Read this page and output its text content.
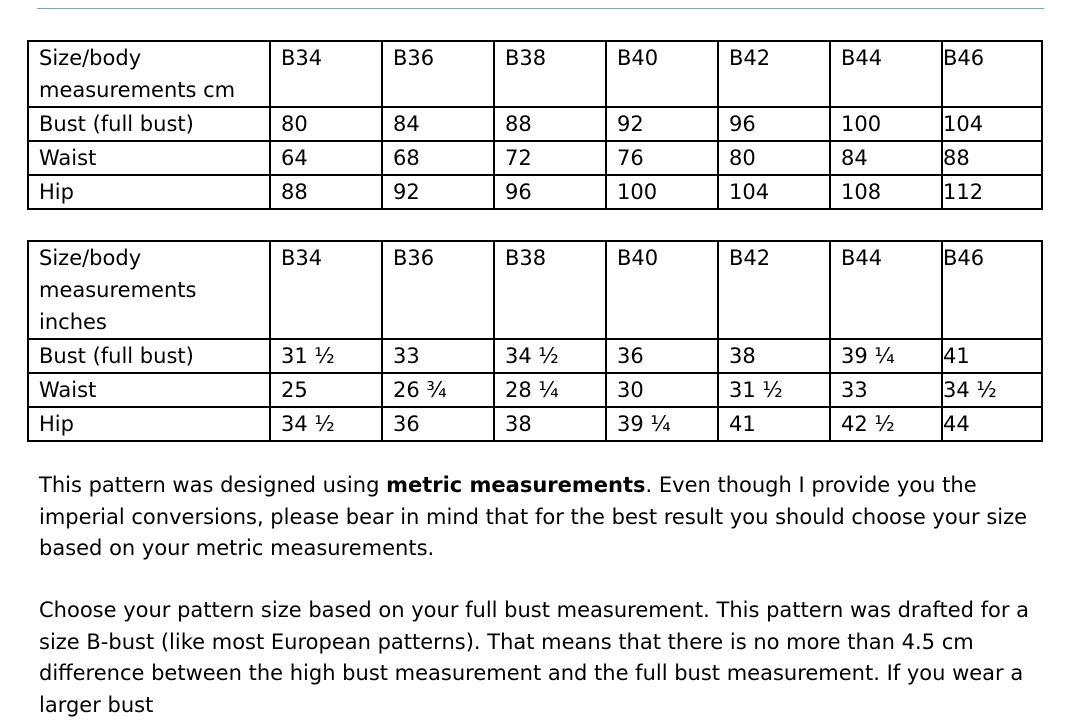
Size/body measurements cm	B34	B36	B38	B40	B42	B44	B46
Bust (full bust)	80	84	88	92	96	100	104
Waist	64	68	72	76	80	84	88
Hip	88	92	96	100	104	108	112
Size/body measurements inches	B34	B36	B38	B40	B42	B44	B46
Bust (full bust)	31 ½	33	34 ½	36	38	39 ¼	41
Waist	25	26 ¾	28 ¼	30	31 ½	33	34 ½
Hip	34 ½	36	38	39 ¼	41	42 ½	44

This pattern was designed using metric measurements. Even though I provide you the imperial conversions, please bear in mind that for the best result you should choose your size based on your metric measurements.

Choose your pattern size based on your full bust measurement. This pattern was drafted for a size B-bust (like most European patterns). That means that there is no more than 4.5 cm difference between the high bust measurement and the full bust measurement. If you wear a larger bust
